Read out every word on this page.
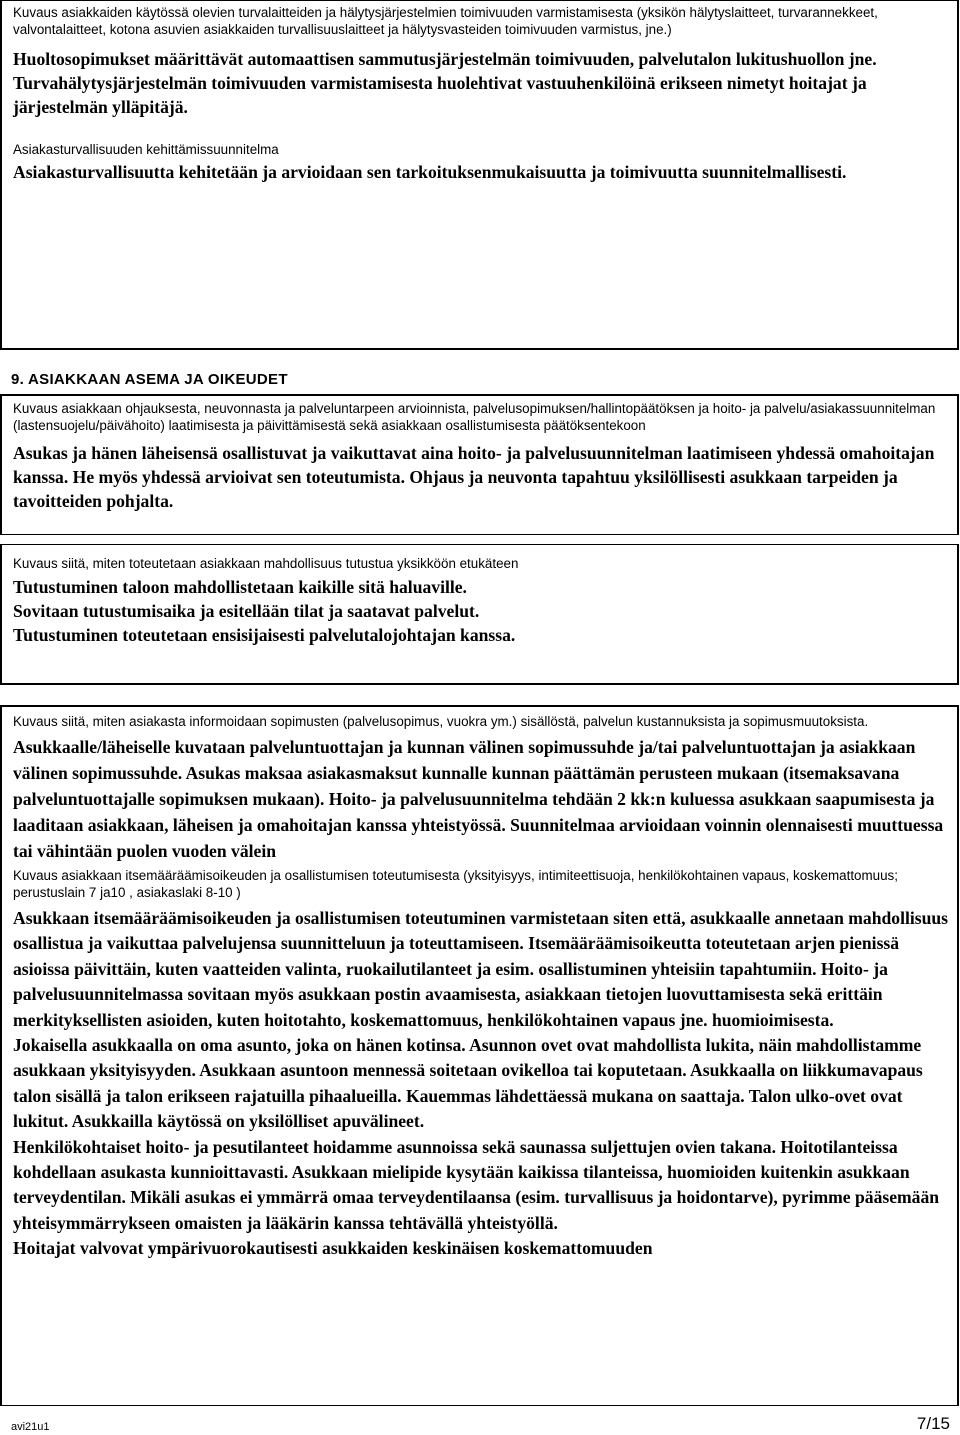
Kuvaus asiakkaiden käytössä olevien turvalaitteiden ja hälytysjärjestelmien toimivuuden varmistamisesta (yksikön hälytyslaitteet, turvarannekkeet, valvontalaitteet, kotona asuvien asiakkaiden turvallisuuslaitteet ja hälytysvasteiden toimivuuden varmistus, jne.)

Huoltosopimukset määrittävät automaattisen sammutusjärjestelmän toimivuuden, palvelutalon lukitushuollon jne.

Turvahälytysjärjestelmän toimivuuden varmistamisesta huolehtivat vastuuhenkilöinä erikseen nimetyt hoitajat ja järjestelmän ylläpitäjä.

Asiakasturvallisuuden kehittämissuunnitelma

Asiakasturvallisuutta kehitetään ja arvioidaan sen tarkoituksenmukaisuutta ja toimivuutta suunnitelmallisesti.

9. ASIAKKAAN ASEMA JA OIKEUDET

Kuvaus asiakkaan ohjauksesta, neuvonnasta ja palveluntarpeen arvioinnista, palvelusopimuksen/hallintopäätöksen ja hoito- ja palvelu/asiakassuunnitelman (lastensuojelu/päivähoito) laatimisesta ja päivittämisestä sekä asiakkaan osallistumisesta päätöksentekoon

Asukas ja hänen läheisensä osallistuvat ja vaikuttavat aina hoito- ja palvelusuunnitelman laatimiseen yhdessä omahoitajan kanssa. He myös yhdessä arvioivat sen toteutumista. Ohjaus ja neuvonta tapahtuu yksilöllisesti asukkaan tarpeiden ja tavoitteiden pohjalta.

Kuvaus siitä, miten toteutetaan asiakkaan mahdollisuus tutustua yksikköön etukäteen

Tutustuminen taloon mahdollistetaan kaikille sitä haluaville.

Sovitaan tutustumisaika ja esitellään tilat ja saatavat palvelut.

Tutustuminen toteutetaan ensisijaisesti palvelutalojohtajan kanssa.

Kuvaus siitä, miten asiakasta informoidaan sopimusten (palvelusopimus, vuokra ym.) sisällöstä, palvelun kustannuksista ja sopimusmuutoksista.

Asukkaalle/läheiselle kuvataan palveluntuottajan ja kunnan välinen sopimussuhde ja/tai palveluntuottajan ja asiakkaan välinen sopimussuhde. Asukas maksaa asiakasmaksut kunnalle kunnan päättämän perusteen mukaan (itsemaksavana palveluntuottajalle sopimuksen mukaan). Hoito- ja palvelusuunnitelma tehdään 2 kk:n kuluessa asukkaan saapumisesta ja laaditaan asiakkaan, läheisen ja omahoitajan kanssa yhteistyössä. Suunnitelmaa arvioidaan voinnin olennaisesti muuttuessa tai vähintään puolen vuoden välein

Kuvaus asiakkaan itsemääräämisoikeuden ja osallistumisen toteutumisesta (yksityisyys, intimiteettisuoja, henkilökohtainen vapaus, koskemattomuus; perustuslain 7 ja10 , asiakaslaki 8-10 )

Asukkaan itsemääräämisoikeuden ja osallistumisen toteutuminen varmistetaan siten että, asukkaalle annetaan mahdollisuus osallistua ja vaikuttaa palvelujensa suunnitteluun ja toteuttamiseen. Itsemääräämisoikeutta toteutetaan arjen pienissä asioissa päivittäin, kuten vaatteiden valinta, ruokailutilanteet ja esim. osallistuminen yhteisiin tapahtumiin. Hoito- ja palvelusuunnitelmassa sovitaan myös asukkaan postin avaamisesta, asiakkaan tietojen luovuttamisesta sekä erittäin merkityksellisten asioiden, kuten hoitotahto, koskemattomuus, henkilökohtainen vapaus jne. huomioimisesta.

Jokaisella asukkaalla on oma asunto, joka on hänen kotinsa. Asunnon ovet ovat mahdollista lukita, näin mahdollistamme asukkaan yksityisyyden. Asukkaan asuntoon mennessä soitetaan ovikelloa tai koputetaan. Asukkaalla on liikkumavapaus talon sisällä ja talon erikseen rajatuilla pihaalueilla. Kauemmas lähdettäessä mukana on saattaja. Talon ulko-ovet ovat lukitut. Asukkailla käytössä on yksilölliset apuvälineet.

Henkilökohtaiset hoito- ja pesutilanteet hoidamme asunnoissa sekä saunassa suljettujen ovien takana. Hoitotilanteissa kohdellaan asukasta kunnioittavasti. Asukkaan mielipide kysytään kaikissa tilanteissa, huomioiden kuitenkin asukkaan terveydentilan. Mikäli asukas ei ymmärrä omaa terveydentilaansa (esim. turvallisuus ja hoidontarve), pyrimme pääsemään yhteisymmärrykseen omaisten ja lääkärin kanssa tehtävällä yhteistyöllä.

Hoitajat valvovat ympärivuorokautisesti asukkaiden keskinäisen koskemattomuuden

avi21u1	7/15
